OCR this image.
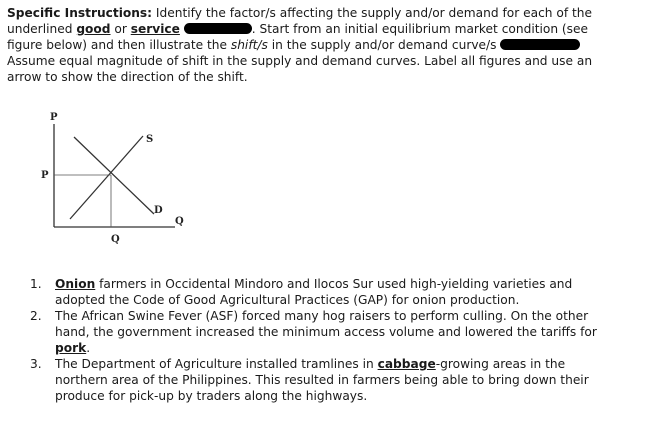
Specific Instructions: Identify the factor/s affecting the supply and/or demand for each of the
underlined good or service	. Start from an initial equilibrium market condition (see
figure below) and then illustrate the shift/s in the supply and/or demand curve/s
Assume equal magnitude of shift in the supply and demand curves. Label all figures and use an
arrow to show the direction of the shift.
P
P
S
D
Q
Q
1. Onion farmers in Occidental Mindoro and Ilocos Sur used high-yielding varieties and
adopted the Code of Good Agricultural Practices (GAP) for onion production.
2. The African Swine Fever (ASF) forced many hog raisers to perform culling. On the other
hand, the government increased the minimum access volume and lowered the tariffs for
pork.
3. The Department of Agriculture installed tramlines in cabbage-growing areas in the
northern area of the Philippines. This resulted in farmers being able to bring down their
produce for pick-up by traders along the highways.
